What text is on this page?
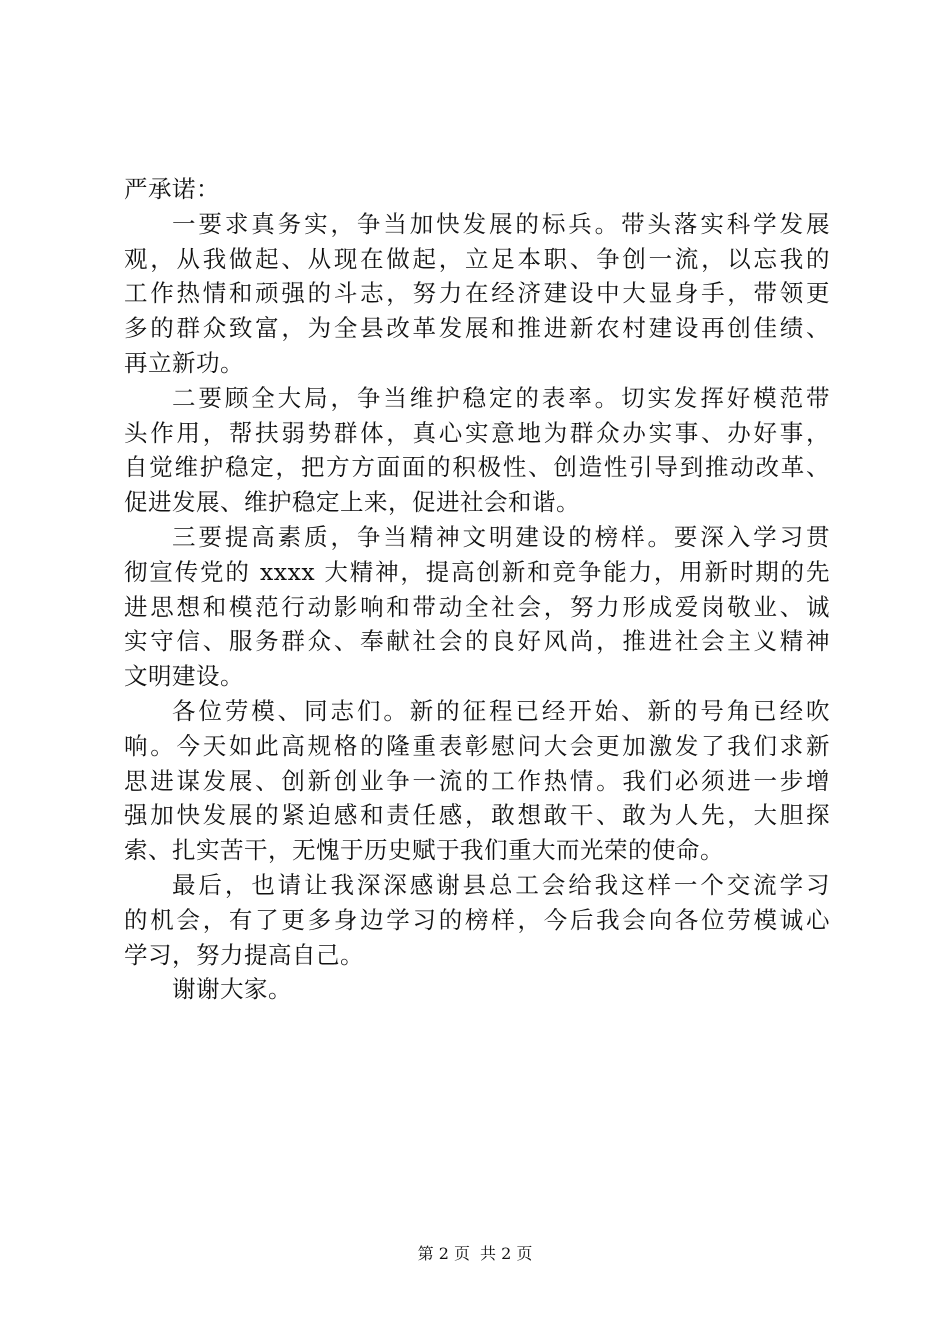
严承诺：
一要求真务实，争当加快发展的标兵。带头落实科学发展
观，从我做起、从现在做起，立足本职、争创一流，以忘我的
工作热情和顽强的斗志，努力在经济建设中大显身手，带领更
多的群众致富，为全县改革发展和推进新农村建设再创佳绩、
再立新功。
二要顾全大局，争当维护稳定的表率。切实发挥好模范带
头作用，帮扶弱势群体，真心实意地为群众办实事、办好事，
自觉维护稳定，把方方面面的积极性、创造性引导到推动改革、
促进发展、维护稳定上来，促进社会和谐。
三要提高素质，争当精神文明建设的榜样。要深入学习贯
彻宣传党的 xxxx 大精神，提高创新和竞争能力，用新时期的先
进思想和模范行动影响和带动全社会，努力形成爱岗敬业、诚
实守信、服务群众、奉献社会的良好风尚，推进社会主义精神
文明建设。
各位劳模、同志们。新的征程已经开始、新的号角已经吹
响。今天如此高规格的隆重表彰慰问大会更加激发了我们求新
思进谋发展、创新创业争一流的工作热情。我们必须进一步增
强加快发展的紧迫感和责任感，敢想敢干、敢为人先，大胆探
索、扎实苦干，无愧于历史赋于我们重大而光荣的使命。
最后，也请让我深深感谢县总工会给我这样一个交流学习
的机会，有了更多身边学习的榜样，今后我会向各位劳模诚心
学习，努力提高自己。
谢谢大家。
第 2 页 共 2 页
